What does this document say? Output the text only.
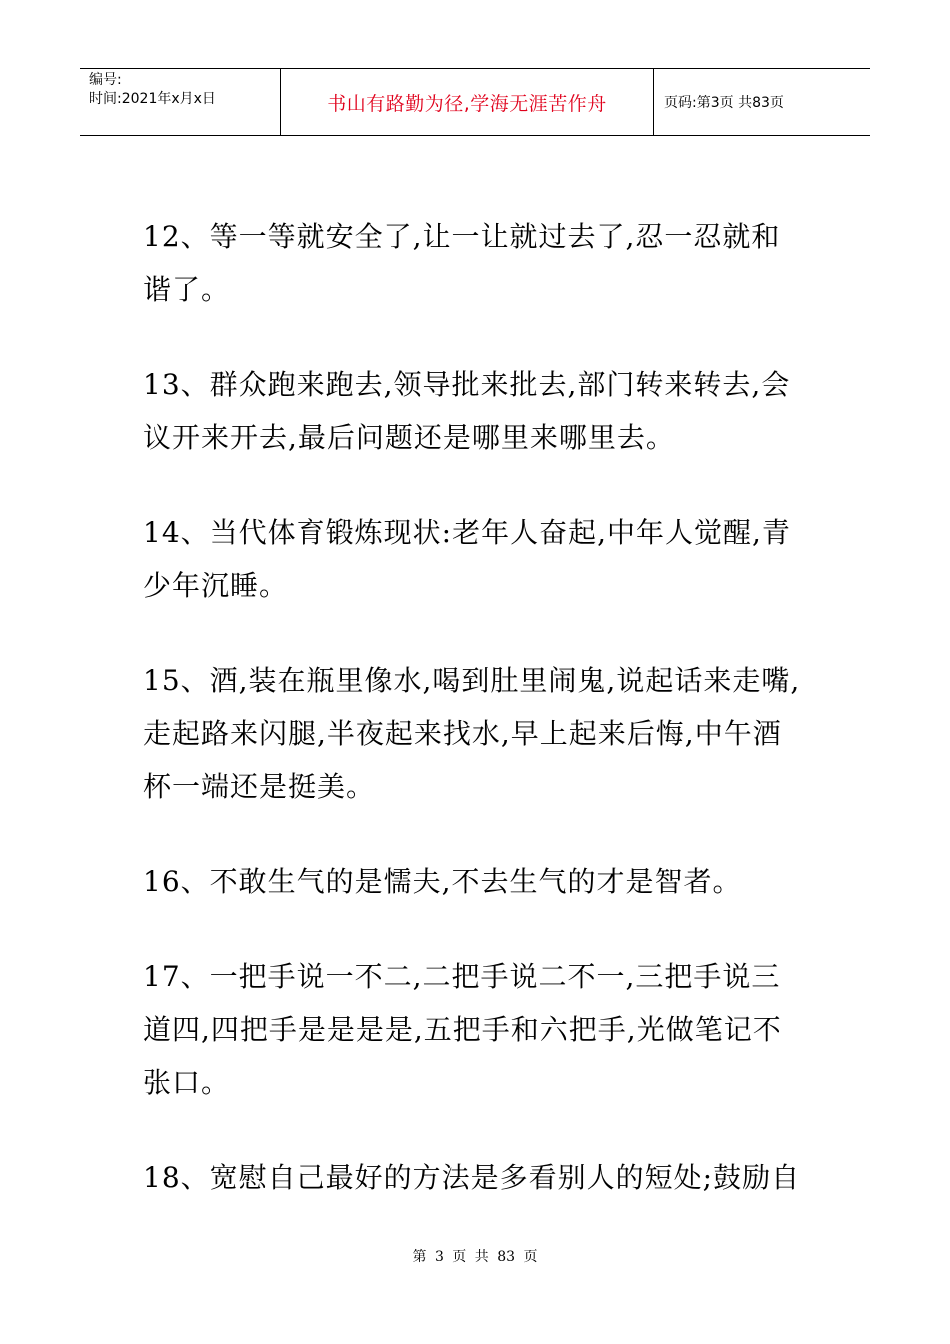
编号:
时间:2021年x月x日	书山有路勤为径,学海无涯苦作舟	页码:第3页 共83页

12、等一等就安全了,让一让就过去了,忍一忍就和谐了。

13、群众跑来跑去,领导批来批去,部门转来转去,会议开来开去,最后问题还是哪里来哪里去。

14、当代体育锻炼现状:老年人奋起,中年人觉醒,青少年沉睡。

15、酒,装在瓶里像水,喝到肚里闹鬼,说起话来走嘴,走起路来闪腿,半夜起来找水,早上起来后悔,中午酒杯一端还是挺美。

16、不敢生气的是懦夫,不去生气的才是智者。

17、一把手说一不二,二把手说二不一,三把手说三道四,四把手是是是是,五把手和六把手,光做笔记不张口。

18、宽慰自己最好的方法是多看别人的短处;鼓励自

第 3 页 共 83 页
